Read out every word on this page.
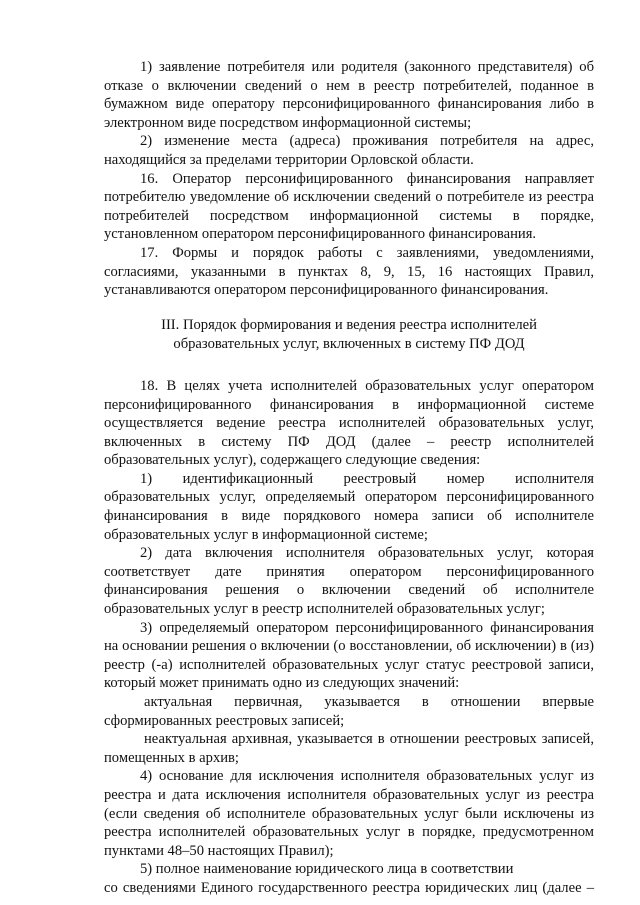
1) заявление потребителя или родителя (законного представителя) об отказе о включении сведений о нем в реестр потребителей, поданное в бумажном виде оператору персонифицированного финансирования либо в электронном виде посредством информационной системы;

2) изменение места (адреса) проживания потребителя на адрес, находящийся за пределами территории Орловской области.

16. Оператор персонифицированного финансирования направляет потребителю уведомление об исключении сведений о потребителе из реестра потребителей посредством информационной системы в порядке, установленном оператором персонифицированного финансирования.

17. Формы и порядок работы с заявлениями, уведомлениями, согласиями, указанными в пунктах 8, 9, 15, 16 настоящих Правил, устанавливаются оператором персонифицированного финансирования.

III. Порядок формирования и ведения реестра исполнителей
образовательных услуг, включенных в систему ПФ ДОД

18. В целях учета исполнителей образовательных услуг оператором персонифицированного финансирования в информационной системе осуществляется ведение реестра исполнителей образовательных услуг, включенных в систему ПФ ДОД (далее – реестр исполнителей образовательных услуг), содержащего следующие сведения:

1) идентификационный реестровый номер исполнителя образовательных услуг, определяемый оператором персонифицированного финансирования в виде порядкового номера записи об исполнителе образовательных услуг в информационной системе;

2) дата включения исполнителя образовательных услуг, которая соответствует дате принятия оператором персонифицированного финансирования решения о включении сведений об исполнителе образовательных услуг в реестр исполнителей образовательных услуг;

3) определяемый оператором персонифицированного финансирования на основании решения о включении (о восстановлении, об исключении) в (из) реестр (-а) исполнителей образовательных услуг статус реестровой записи, который может принимать одно из следующих значений:

актуальная первичная, указывается в отношении впервые сформированных реестровых записей;

неактуальная архивная, указывается в отношении реестровых записей, помещенных в архив;

4) основание для исключения исполнителя образовательных услуг из реестра и дата исключения исполнителя образовательных услуг из реестра (если сведения об исполнителе образовательных услуг были исключены из реестра исполнителей образовательных услуг в порядке, предусмотренном пунктами 48–50 настоящих Правил);

5) полное наименование юридического лица в соответствии
со сведениями Единого государственного реестра юридических лиц (далее –
